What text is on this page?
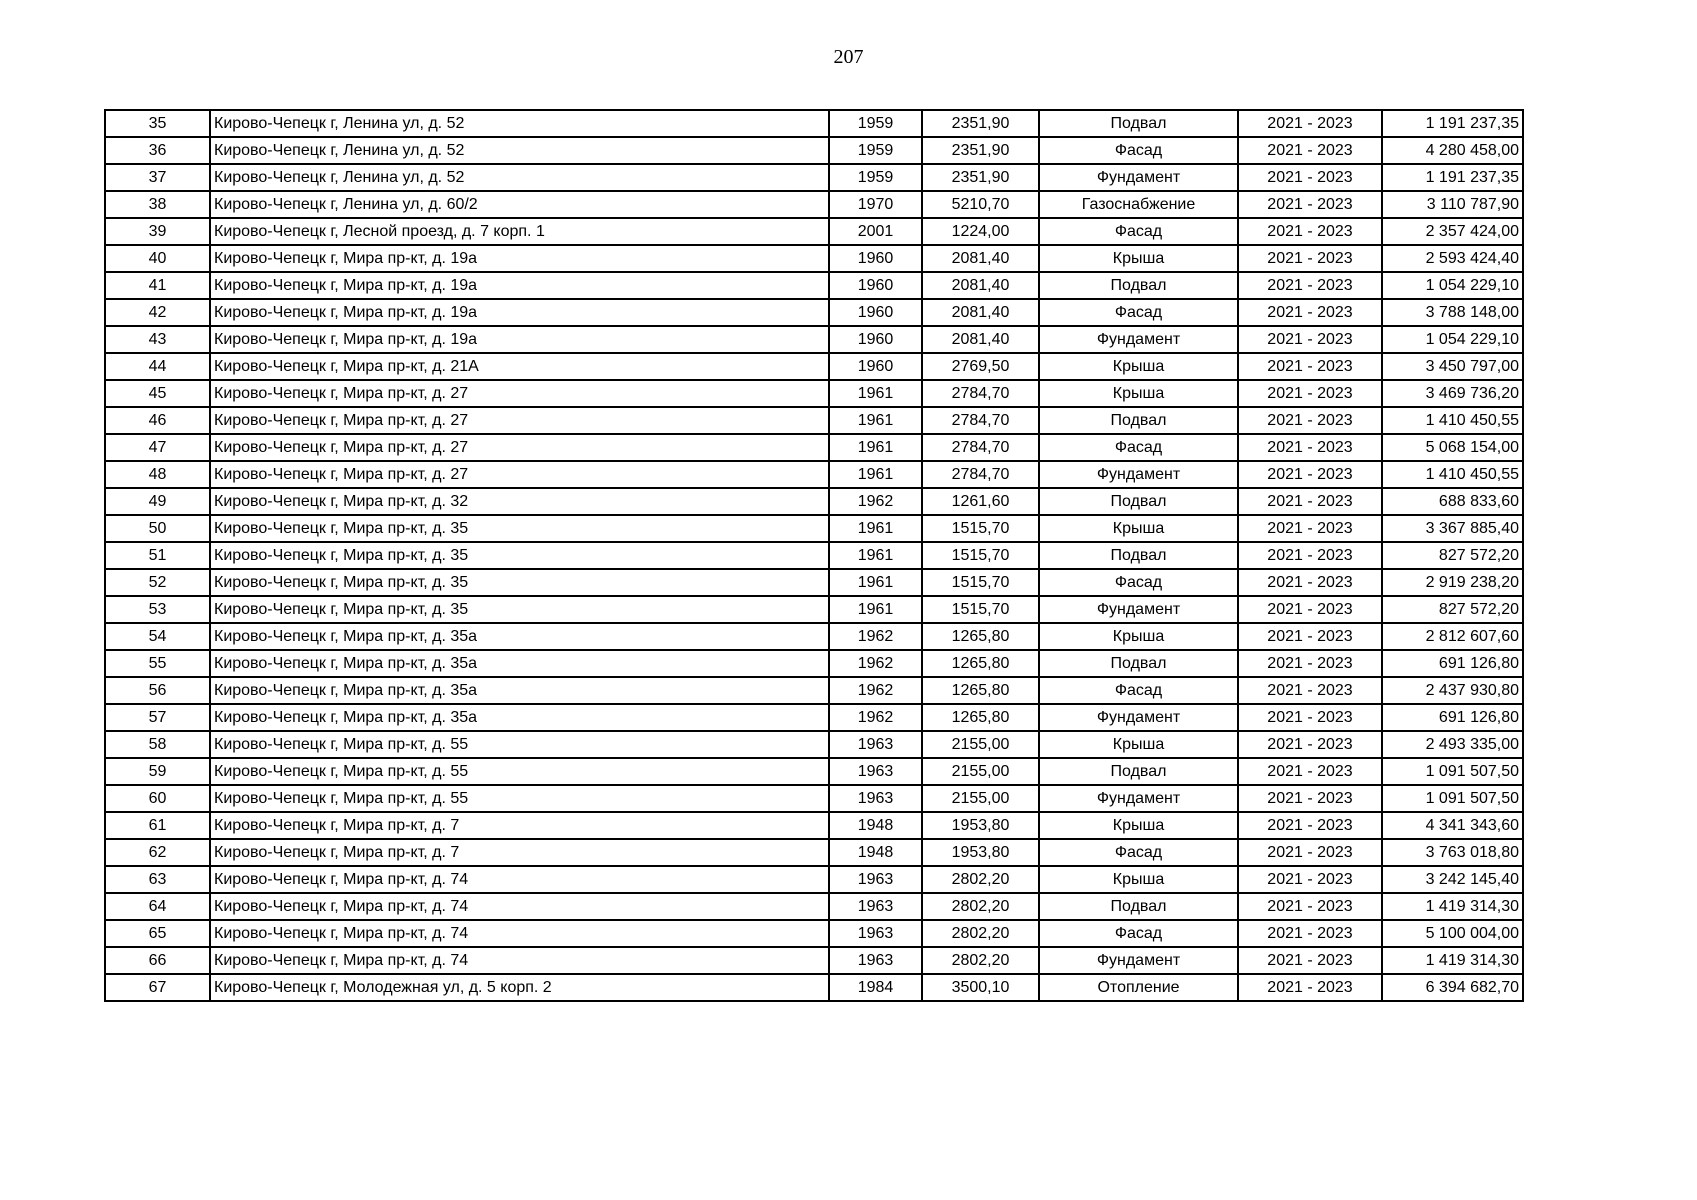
207
35	Кирово-Чепецк г, Ленина ул, д. 52	1959	2351,90	Подвал	2021 - 2023	1 191 237,35
36	Кирово-Чепецк г, Ленина ул, д. 52	1959	2351,90	Фасад	2021 - 2023	4 280 458,00
37	Кирово-Чепецк г, Ленина ул, д. 52	1959	2351,90	Фундамент	2021 - 2023	1 191 237,35
38	Кирово-Чепецк г, Ленина ул, д. 60/2	1970	5210,70	Газоснабжение	2021 - 2023	3 110 787,90
39	Кирово-Чепецк г, Лесной проезд, д. 7 корп. 1	2001	1224,00	Фасад	2021 - 2023	2 357 424,00
40	Кирово-Чепецк г, Мира пр-кт, д. 19а	1960	2081,40	Крыша	2021 - 2023	2 593 424,40
41	Кирово-Чепецк г, Мира пр-кт, д. 19а	1960	2081,40	Подвал	2021 - 2023	1 054 229,10
42	Кирово-Чепецк г, Мира пр-кт, д. 19а	1960	2081,40	Фасад	2021 - 2023	3 788 148,00
43	Кирово-Чепецк г, Мира пр-кт, д. 19а	1960	2081,40	Фундамент	2021 - 2023	1 054 229,10
44	Кирово-Чепецк г, Мира пр-кт, д. 21А	1960	2769,50	Крыша	2021 - 2023	3 450 797,00
45	Кирово-Чепецк г, Мира пр-кт, д. 27	1961	2784,70	Крыша	2021 - 2023	3 469 736,20
46	Кирово-Чепецк г, Мира пр-кт, д. 27	1961	2784,70	Подвал	2021 - 2023	1 410 450,55
47	Кирово-Чепецк г, Мира пр-кт, д. 27	1961	2784,70	Фасад	2021 - 2023	5 068 154,00
48	Кирово-Чепецк г, Мира пр-кт, д. 27	1961	2784,70	Фундамент	2021 - 2023	1 410 450,55
49	Кирово-Чепецк г, Мира пр-кт, д. 32	1962	1261,60	Подвал	2021 - 2023	688 833,60
50	Кирово-Чепецк г, Мира пр-кт, д. 35	1961	1515,70	Крыша	2021 - 2023	3 367 885,40
51	Кирово-Чепецк г, Мира пр-кт, д. 35	1961	1515,70	Подвал	2021 - 2023	827 572,20
52	Кирово-Чепецк г, Мира пр-кт, д. 35	1961	1515,70	Фасад	2021 - 2023	2 919 238,20
53	Кирово-Чепецк г, Мира пр-кт, д. 35	1961	1515,70	Фундамент	2021 - 2023	827 572,20
54	Кирово-Чепецк г, Мира пр-кт, д. 35а	1962	1265,80	Крыша	2021 - 2023	2 812 607,60
55	Кирово-Чепецк г, Мира пр-кт, д. 35а	1962	1265,80	Подвал	2021 - 2023	691 126,80
56	Кирово-Чепецк г, Мира пр-кт, д. 35а	1962	1265,80	Фасад	2021 - 2023	2 437 930,80
57	Кирово-Чепецк г, Мира пр-кт, д. 35а	1962	1265,80	Фундамент	2021 - 2023	691 126,80
58	Кирово-Чепецк г, Мира пр-кт, д. 55	1963	2155,00	Крыша	2021 - 2023	2 493 335,00
59	Кирово-Чепецк г, Мира пр-кт, д. 55	1963	2155,00	Подвал	2021 - 2023	1 091 507,50
60	Кирово-Чепецк г, Мира пр-кт, д. 55	1963	2155,00	Фундамент	2021 - 2023	1 091 507,50
61	Кирово-Чепецк г, Мира пр-кт, д. 7	1948	1953,80	Крыша	2021 - 2023	4 341 343,60
62	Кирово-Чепецк г, Мира пр-кт, д. 7	1948	1953,80	Фасад	2021 - 2023	3 763 018,80
63	Кирово-Чепецк г, Мира пр-кт, д. 74	1963	2802,20	Крыша	2021 - 2023	3 242 145,40
64	Кирово-Чепецк г, Мира пр-кт, д. 74	1963	2802,20	Подвал	2021 - 2023	1 419 314,30
65	Кирово-Чепецк г, Мира пр-кт, д. 74	1963	2802,20	Фасад	2021 - 2023	5 100 004,00
66	Кирово-Чепецк г, Мира пр-кт, д. 74	1963	2802,20	Фундамент	2021 - 2023	1 419 314,30
67	Кирово-Чепецк г, Молодежная ул, д. 5 корп. 2	1984	3500,10	Отопление	2021 - 2023	6 394 682,70
